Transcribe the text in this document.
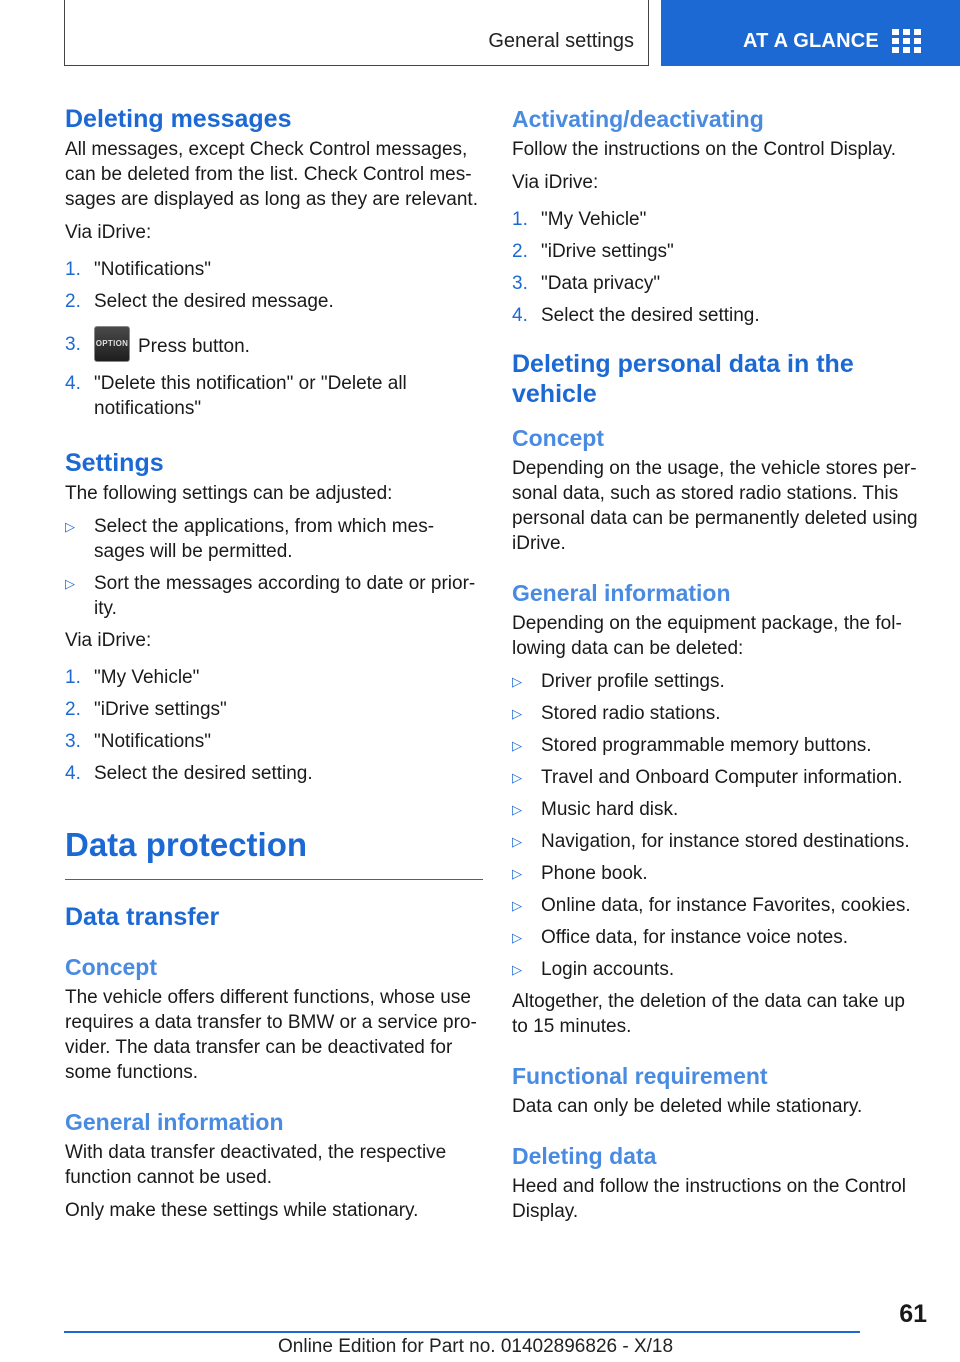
General settings	AT A GLANCE
Deleting messages

All messages, except Check Control messages, can be deleted from the list. Check Control mes-sages are displayed as long as they are relevant.

Via iDrive:

1. "Notifications"
2. Select the desired message.
3. OPTION Press button.
4. "Delete this notification" or "Delete all notifications"
Settings

The following settings can be adjusted:

▷ Select the applications, from which mes-sages will be permitted.
▷ Sort the messages according to date or prior-ity.

Via iDrive:

1. "My Vehicle"
2. "iDrive settings"
3. "Notifications"
4. Select the desired setting.
Data protection
Data transfer
Concept

The vehicle offers different functions, whose use requires a data transfer to BMW or a service pro-vider. The data transfer can be deactivated for some functions.

General information

With data transfer deactivated, the respective function cannot be used.

Only make these settings while stationary.

Activating/deactivating

Follow the instructions on the Control Display.

Via iDrive:

1. "My Vehicle"
2. "iDrive settings"
3. "Data privacy"
4. Select the desired setting.
Deleting personal data in the vehicle
Concept

Depending on the usage, the vehicle stores per-sonal data, such as stored radio stations. This personal data can be permanently deleted using iDrive.

General information

Depending on the equipment package, the fol-lowing data can be deleted:

▷ Driver profile settings.
▷ Stored radio stations.
▷ Stored programmable memory buttons.
▷ Travel and Onboard Computer information.
▷ Music hard disk.
▷ Navigation, for instance stored destinations.
▷ Phone book.
▷ Online data, for instance Favorites, cookies.
▷ Office data, for instance voice notes.
▷ Login accounts.

Altogether, the deletion of the data can take up to 15 minutes.

Functional requirement

Data can only be deleted while stationary.

Deleting data

Heed and follow the instructions on the Control Display.

61
Online Edition for Part no. 01402896826 - X/18
